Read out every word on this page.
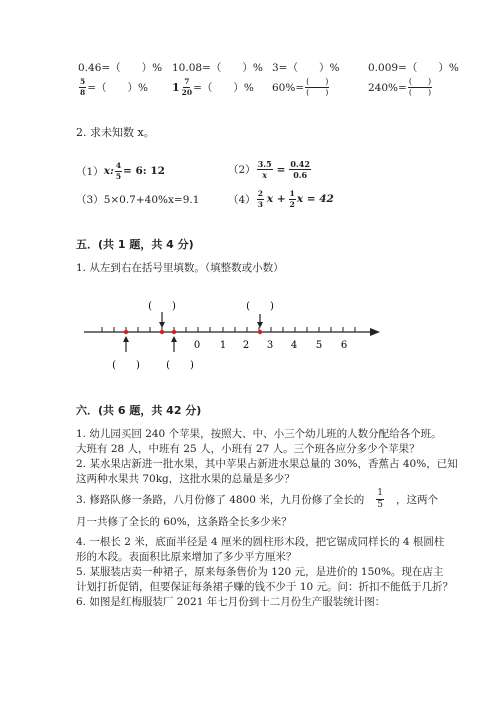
0.46=（　　）% 10.08=（　　）% 3=（　　）%	0.009=（　　）%
$\frac{5}{8}$ =（　　）% $1 \frac{7}{20}$ =（　　）% $60\%= \frac{( )}{( )}$	$240\%= \frac{( )}{( )}$
2. 求未知数 x。
（1） x: $\frac{4}{5} = 6$: 12	$(2) \frac{3.5}{x} = \frac{0.42}{0.6}$
（3） 5×0.7+40%x=9.1	$(4) \frac{2}{3}$ $x + \frac{1}{2}$ x = 42
五．(共 1 题，共 4 分)
1. 从左到右在括号里填数。（填整数或小数）
0 1 2 3 4 5 6
(　　)	(　　)
(　　)	(　　)
六．(共 6 题，共 42 分)
1. 幼儿园买回 240 个苹果，按照大、中、小三个幼儿班的人数分配给各个班。
大班有 28 人，中班有 25 人，小班有 27 人。三个班各应分多少个苹果？
2. 某水果店新进一批水果，其中苹果占新进水果总量的 30%，香蕉占 40%，已知
这两种水果共 70kg，这批水果的总量是多少？
3. 修路队修一条路，八月份修了 4800 米，九月份修了全长的 $\frac{1}{5}$ ，这两个
月一共修了全长的 60%，这条路全长多少米？
4. 一根长 2 米，底面半径是 4 厘米的圆柱形木段，把它锯成同样长的 4 根圆柱
形的木段。表面积比原来增加了多少平方厘米？
5. 某服装店卖一种裙子，原来每条售价为 120 元，是进价的 150%。现在店主
计划打折促销，但要保证每条裙子赚的钱不少于 10 元。问：折扣不能低于几折？
6. 如图是红梅服装厂 2021 年七月份到十二月份生产服装统计图：
